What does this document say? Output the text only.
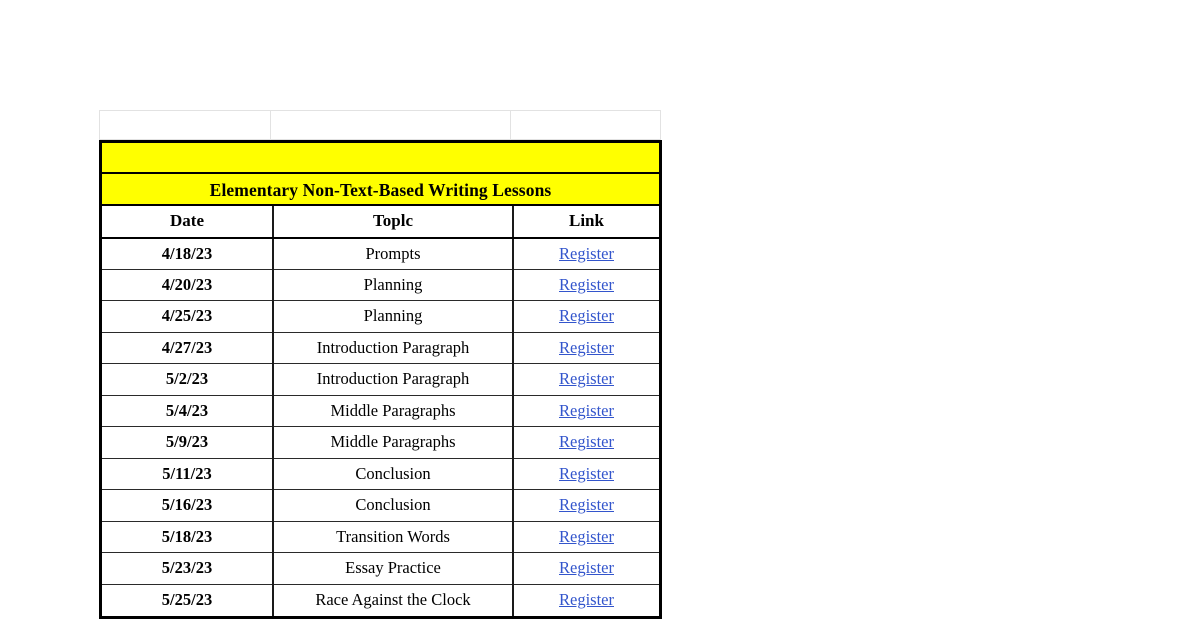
Elementary Non-Text-Based Writing Lessons
Date	Toplc	Link
4/18/23	Prompts	Register
4/20/23	Planning	Register
4/25/23	Planning	Register
4/27/23	Introduction Paragraph	Register
5/2/23	Introduction Paragraph	Register
5/4/23	Middle Paragraphs	Register
5/9/23	Middle Paragraphs	Register
5/11/23	Conclusion	Register
5/16/23	Conclusion	Register
5/18/23	Transition Words	Register
5/23/23	Essay Practice	Register
5/25/23	Race Against the Clock	Register
